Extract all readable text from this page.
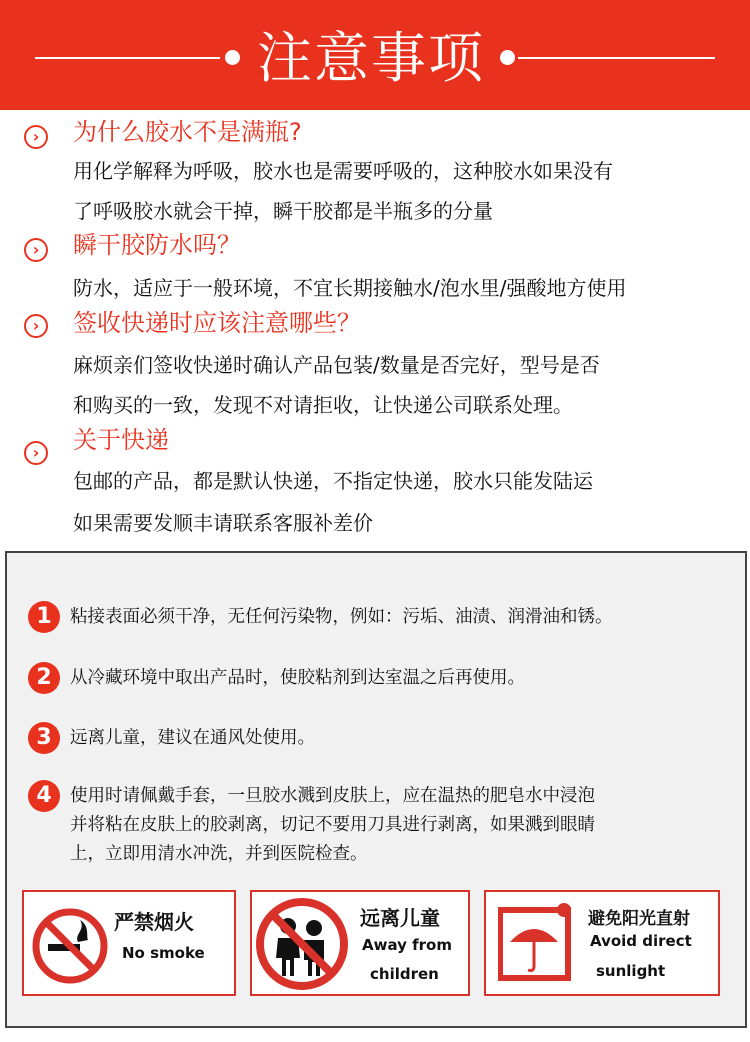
注意事项
›	为什么胶水不是满瓶?
用化学解释为呼吸，胶水也是需要呼吸的，这种胶水如果没有
了呼吸胶水就会干掉，瞬干胶都是半瓶多的分量
›	瞬干胶防水吗？
防水，适应于一般环境，不宜长期接触水/泡水里/强酸地方使用
›	签收快递时应该注意哪些？
麻烦亲们签收快递时确认产品包装/数量是否完好，型号是否
和购买的一致，发现不对请拒收，让快递公司联系处理。
›	关于快递
包邮的产品，都是默认快递，不指定快递，胶水只能发陆运
如果需要发顺丰请联系客服补差价
1	粘接表面必须干净，无任何污染物，例如：污垢、油渍、润滑油和锈。
2	从冷藏环境中取出产品时，使胶粘剂到达室温之后再使用。
3	远离儿童，建议在通风处使用。
4	使用时请佩戴手套，一旦胶水溅到皮肤上，应在温热的肥皂水中浸泡
并将粘在皮肤上的胶剥离，切记不要用刀具进行剥离，如果溅到眼睛
上，立即用清水冲洗，并到医院检查。
严禁烟火
No smoke
远离儿童
Away from
children
避免阳光直射
Avoid direct
sunlight
